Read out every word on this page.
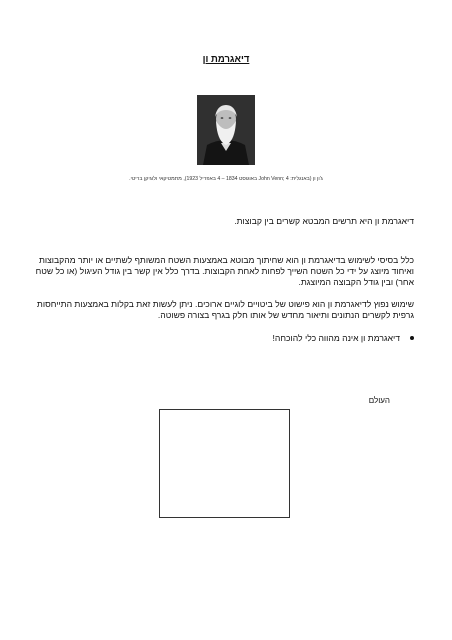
דיאגרמת ון
ג'ון ון (באנגלית: John Venn; 4 באוגוסט 1834 – 4 באפריל 1923), מתמטיקאי ולוגיקן בריטי.
דיאגרמת ון היא תרשים המבטא קשרים בין קבוצות.
כלל בסיסי לשימוש בדיאגרמת ון הוא שחיתוך מבוטא באמצעות השטח המשותף לשתיים או יותר מהקבוצות ואיחוד מיוצג על ידי כל השטח השייך לפחות לאחת הקבוצות. בדרך כלל אין קשר בין גודל העיגול (או כל שטח אחר) ובין גודל הקבוצה המיוצגת.
שימוש נפוץ לדיאגרמת ון הוא פישוט של ביטויים לוגיים ארוכים. ניתן לעשות זאת בקלות באמצעות התייחסות גרפית לקשרים הנתונים ותיאור מחדש של אותו חלק בגרף בצורה פשוטה.
דיאגרמת ון אינה מהווה כלי להוכחה!
העולם
